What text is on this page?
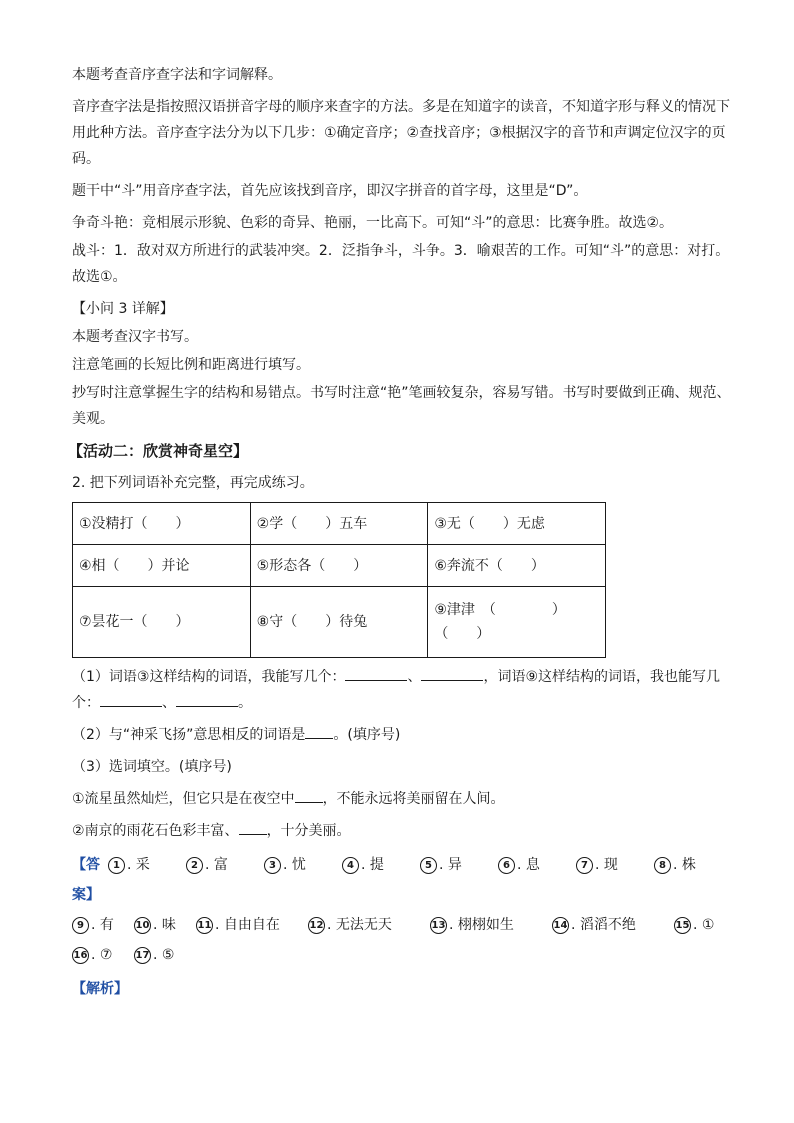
本题考查音序查字法和字词解释。

音序查字法是指按照汉语拼音字母的顺序来查字的方法。多是在知道字的读音，不知道字形与释义的情况下用此种方法。音序查字法分为以下几步：①确定音序；②查找音序；③根据汉字的音节和声调定位汉字的页码。

题干中“斗”用音序查字法，首先应该找到音序，即汉字拼音的首字母，这里是“D”。

争奇斗艳：竞相展示形貌、色彩的奇异、艳丽，一比高下。可知“斗”的意思：比赛争胜。故选②。

战斗：1．敌对双方所进行的武装冲突。2．泛指争斗，斗争。3．喻艰苦的工作。可知“斗”的意思：对打。故选①。

【小问 3 详解】

本题考查汉字书写。

注意笔画的长短比例和距离进行填写。

抄写时注意掌握生字的结构和易错点。书写时注意“艳”笔画较复杂，容易写错。书写时要做到正确、规范、美观。

【活动二：欣赏神奇星空】

2. 把下列词语补充完整，再完成练习。

①没精打（　　）	②学（　　）五车	③无（　　）无虑
④相（　　）并论	⑤形态各（　　）	⑥奔流不（　　）
⑦昙花一（　　）	⑧守（　　）待兔	⑨津津　（　　　　）（　　）

（1）词语③这样结构的词语，我能写几个：	、	，词语⑨这样结构的词语，我也能写几个：	、	。

（2）与“神采飞扬”意思相反的词语是 。(填序号)

（3）选词填空。(填序号)

①流星虽然灿烂，但它只是在夜空中 ，不能永远将美丽留在人间。

②南京的雨花石色彩丰富、 ，十分美丽。

【答案】
1 . 采	2 . 富	3 . 忧	4 . 提	5 . 异	6 . 息	7 . 现	8 . 株
9 . 有	10 . 味	11 . 自由自在	12 . 无法无天	13 . 栩栩如生	14 . 滔滔不绝	15 . ①
16 . ⑦	17 . ⑤
【解析】
